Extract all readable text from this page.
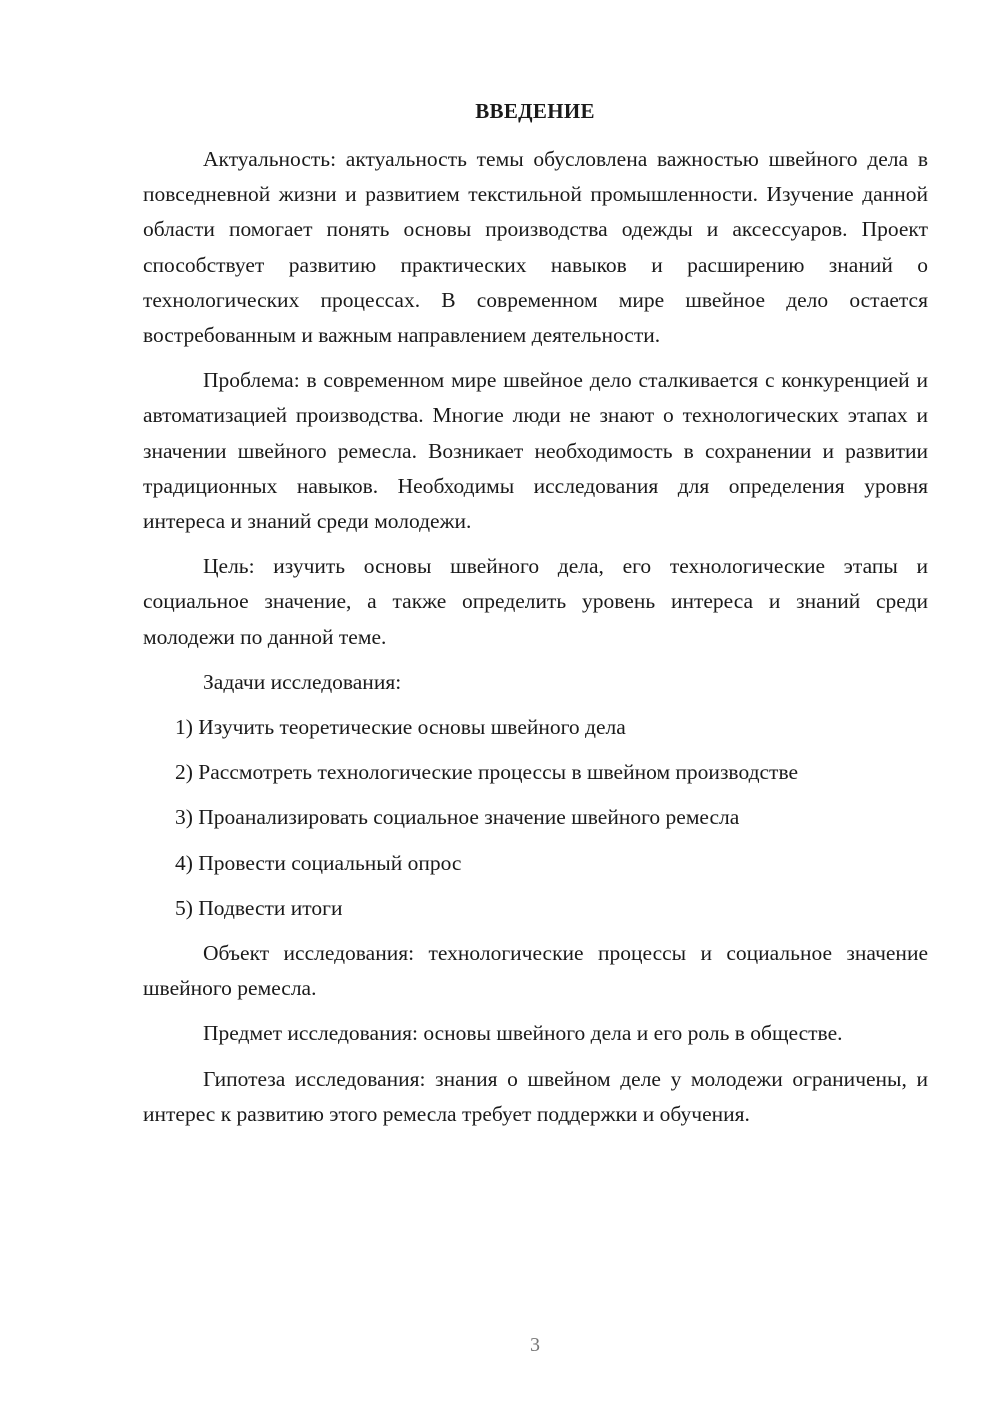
ВВЕДЕНИЕ

Актуальность: актуальность темы обусловлена важностью швейного дела в повседневной жизни и развитием текстильной промышленности. Изучение данной области помогает понять основы производства одежды и аксессуаров. Проект способствует развитию практических навыков и расширению знаний о технологических процессах. В современном мире швейное дело остается востребованным и важным направлением деятельности.

Проблема: в современном мире швейное дело сталкивается с конкуренцией и автоматизацией производства. Многие люди не знают о технологических этапах и значении швейного ремесла. Возникает необходимость в сохранении и развитии традиционных навыков. Необходимы исследования для определения уровня интереса и знаний среди молодежи.

Цель: изучить основы швейного дела, его технологические этапы и социальное значение, а также определить уровень интереса и знаний среди молодежи по данной теме.

Задачи исследования:

1) Изучить теоретические основы швейного дела
2) Рассмотреть технологические процессы в швейном производстве
3) Проанализировать социальное значение швейного ремесла
4) Провести социальный опрос
5) Подвести итоги

Объект исследования: технологические процессы и социальное значение швейного ремесла.

Предмет исследования: основы швейного дела и его роль в обществе.

Гипотеза исследования: знания о швейном деле у молодежи ограничены, и интерес к развитию этого ремесла требует поддержки и обучения.

3
